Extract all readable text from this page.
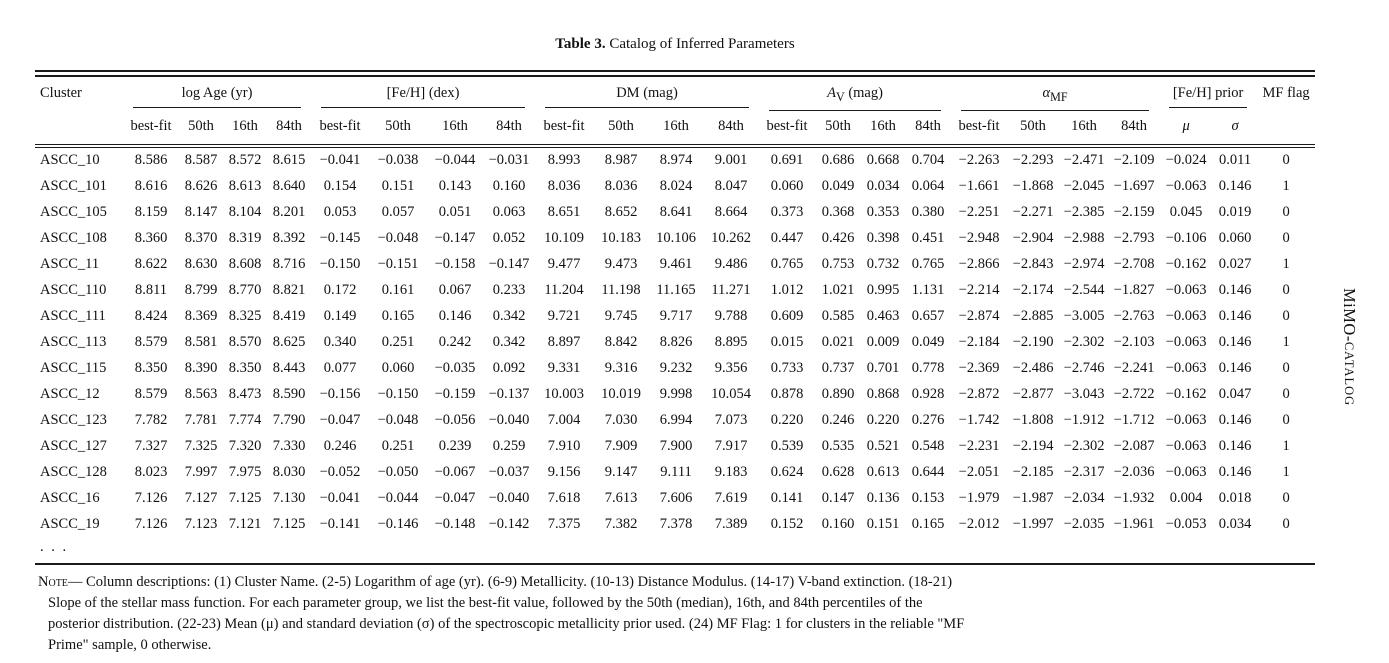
Table 3. Catalog of Inferred Parameters
Cluster	log Age (yr)				[Fe/H] (dex)				DM (mag)				$A_V$ (mag)				$\alpha_{MF}$				[Fe/H] prior		MF flag
	best-fit	50th	16th	84th	best-fit	50th	16th	84th	best-fit	50th	16th	84th	best-fit	50th	16th	84th	best-fit	50th	16th	84th	μ	σ	
ASCC_10	8.586	8.587	8.572	8.615	−0.041	−0.038	−0.044	−0.031	8.993	8.987	8.974	9.001	0.691	0.686	0.668	0.704	−2.263	−2.293	−2.471	−2.109	−0.024	0.011	0
ASCC_101	8.616	8.626	8.613	8.640	0.154	0.151	0.143	0.160	8.036	8.036	8.024	8.047	0.060	0.049	0.034	0.064	−1.661	−1.868	−2.045	−1.697	−0.063	0.146	1
ASCC_105	8.159	8.147	8.104	8.201	0.053	0.057	0.051	0.063	8.651	8.652	8.641	8.664	0.373	0.368	0.353	0.380	−2.251	−2.271	−2.385	−2.159	0.045	0.019	0
ASCC_108	8.360	8.370	8.319	8.392	−0.145	−0.048	−0.147	0.052	10.109	10.183	10.106	10.262	0.447	0.426	0.398	0.451	−2.948	−2.904	−2.988	−2.793	−0.106	0.060	0
ASCC_11	8.622	8.630	8.608	8.716	−0.150	−0.151	−0.158	−0.147	9.477	9.473	9.461	9.486	0.765	0.753	0.732	0.765	−2.866	−2.843	−2.974	−2.708	−0.162	0.027	1
ASCC_110	8.811	8.799	8.770	8.821	0.172	0.161	0.067	0.233	11.204	11.198	11.165	11.271	1.012	1.021	0.995	1.131	−2.214	−2.174	−2.544	−1.827	−0.063	0.146	0
ASCC_111	8.424	8.369	8.325	8.419	0.149	0.165	0.146	0.342	9.721	9.745	9.717	9.788	0.609	0.585	0.463	0.657	−2.874	−2.885	−3.005	−2.763	−0.063	0.146	0
ASCC_113	8.579	8.581	8.570	8.625	0.340	0.251	0.242	0.342	8.897	8.842	8.826	8.895	0.015	0.021	0.009	0.049	−2.184	−2.190	−2.302	−2.103	−0.063	0.146	1
ASCC_115	8.350	8.390	8.350	8.443	0.077	0.060	−0.035	0.092	9.331	9.316	9.232	9.356	0.733	0.737	0.701	0.778	−2.369	−2.486	−2.746	−2.241	−0.063	0.146	0
ASCC_12	8.579	8.563	8.473	8.590	−0.156	−0.150	−0.159	−0.137	10.003	10.019	9.998	10.054	0.878	0.890	0.868	0.928	−2.872	−2.877	−3.043	−2.722	−0.162	0.047	0
ASCC_123	7.782	7.781	7.774	7.790	−0.047	−0.048	−0.056	−0.040	7.004	7.030	6.994	7.073	0.220	0.246	0.220	0.276	−1.742	−1.808	−1.912	−1.712	−0.063	0.146	0
ASCC_127	7.327	7.325	7.320	7.330	0.246	0.251	0.239	0.259	7.910	7.909	7.900	7.917	0.539	0.535	0.521	0.548	−2.231	−2.194	−2.302	−2.087	−0.063	0.146	1
ASCC_128	8.023	7.997	7.975	8.030	−0.052	−0.050	−0.067	−0.037	9.156	9.147	9.111	9.183	0.624	0.628	0.613	0.644	−2.051	−2.185	−2.317	−2.036	−0.063	0.146	1
ASCC_16	7.126	7.127	7.125	7.130	−0.041	−0.044	−0.047	−0.040	7.618	7.613	7.606	7.619	0.141	0.147	0.136	0.153	−1.979	−1.987	−2.034	−1.932	0.004	0.018	0
ASCC_19	7.126	7.123	7.121	7.125	−0.141	−0.146	−0.148	−0.142	7.375	7.382	7.378	7.389	0.152	0.160	0.151	0.165	−2.012	−1.997	−2.035	−1.961	−0.053	0.034	0
. . .																							
Note— Column descriptions: (1) Cluster Name. (2-5) Logarithm of age (yr). (6-9) Metallicity. (10-13) Distance Modulus. (14-17) V-band extinction. (18-21) Slope of the stellar mass function. For each parameter group, we list the best-fit value, followed by the 50th (median), 16th, and 84th percentiles of the posterior distribution. (22-23) Mean (μ) and standard deviation (σ) of the spectroscopic metallicity prior used. (24) MF Flag: 1 for clusters in the reliable "MF Prime" sample, 0 otherwise.
MiMO-CATALOG
